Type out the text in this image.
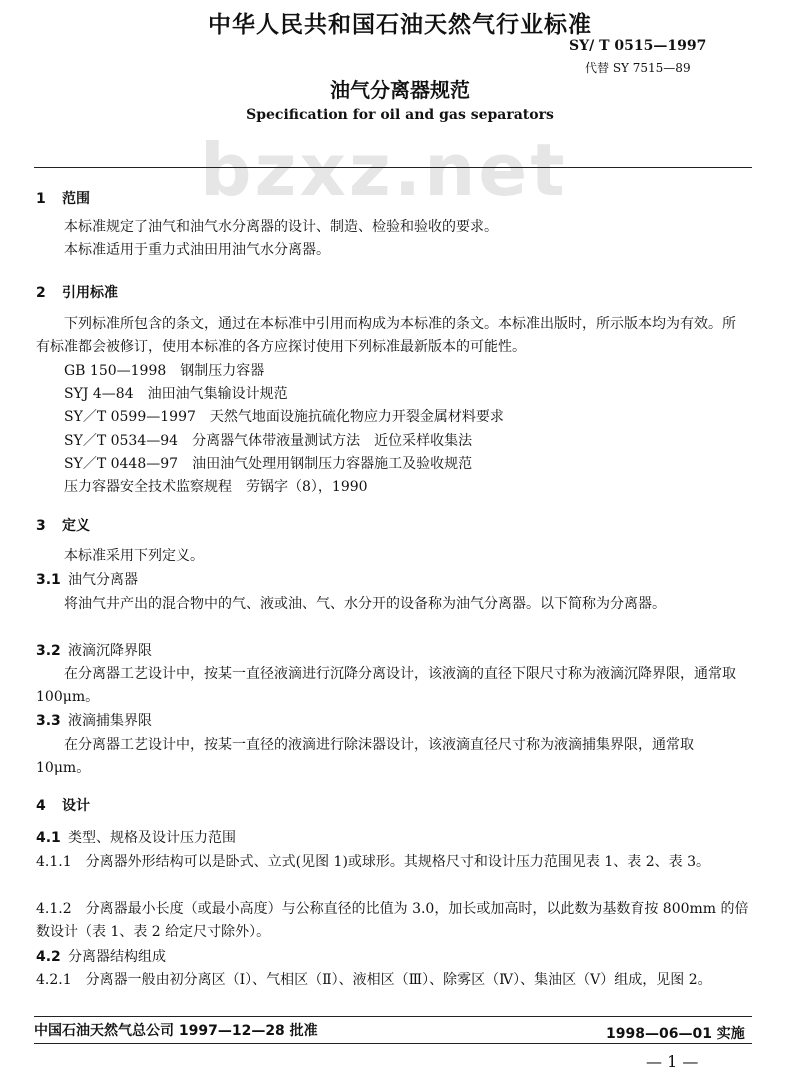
中华人民共和国石油天然气行业标准
SY/ T 0515—1997
代替 SY 7515—89
油气分离器规范
Specification for oil and gas separators
bzxz.net
1 范围
本标准规定了油气和油气水分离器的设计、制造、检验和验收的要求。
本标准适用于重力式油田用油气水分离器。
2 引用标准
下列标准所包含的条文，通过在本标准中引用而构成为本标准的条文。本标准出版时，所示版本均为有效。所有标准都会被修订，使用本标准的各方应探讨使用下列标准最新版本的可能性。
GB 150—1998　钢制压力容器
SYJ 4—84　油田油气集输设计规范
SY／T 0599—1997　天然气地面设施抗硫化物应力开裂金属材料要求
SY／T 0534—94　分离器气体带液量测试方法　近位采样收集法
SY／T 0448—97　油田油气处理用钢制压力容器施工及验收规范
压力容器安全技术监察规程　劳锅字（8），1990
3 定义
本标准采用下列定义。
3.1 油气分离器
将油气井产出的混合物中的气、液或油、气、水分开的设备称为油气分离器。以下简称为分离器。
3.2 液滴沉降界限
在分离器工艺设计中，按某一直径液滴进行沉降分离设计，该液滴的直径下限尺寸称为液滴沉降界限，通常取 100μm。
3.3 液滴捕集界限
在分离器工艺设计中，按某一直径的液滴进行除沫器设计，该液滴直径尺寸称为液滴捕集界限，通常取 10μm。
4 设计
4.1 类型、规格及设计压力范围
4.1.1　分离器外形结构可以是卧式、立式(见图 1)或球形。其规格尺寸和设计压力范围见表 1、表 2、表 3。
4.1.2　分离器最小长度（或最小高度）与公称直径的比值为 3.0，加长或加高时，以此数为基数育按 800mm 的倍数设计（表 1、表 2 给定尺寸除外）。
4.2 分离器结构组成
4.2.1　分离器一般由初分离区（Ⅰ）、气相区（Ⅱ）、液相区（Ⅲ）、除雾区（Ⅳ）、集油区（Ⅴ）组成，见图 2。
中国石油天然气总公司 1997—12—28 批准	1998—06—01 实施
— 1 —
